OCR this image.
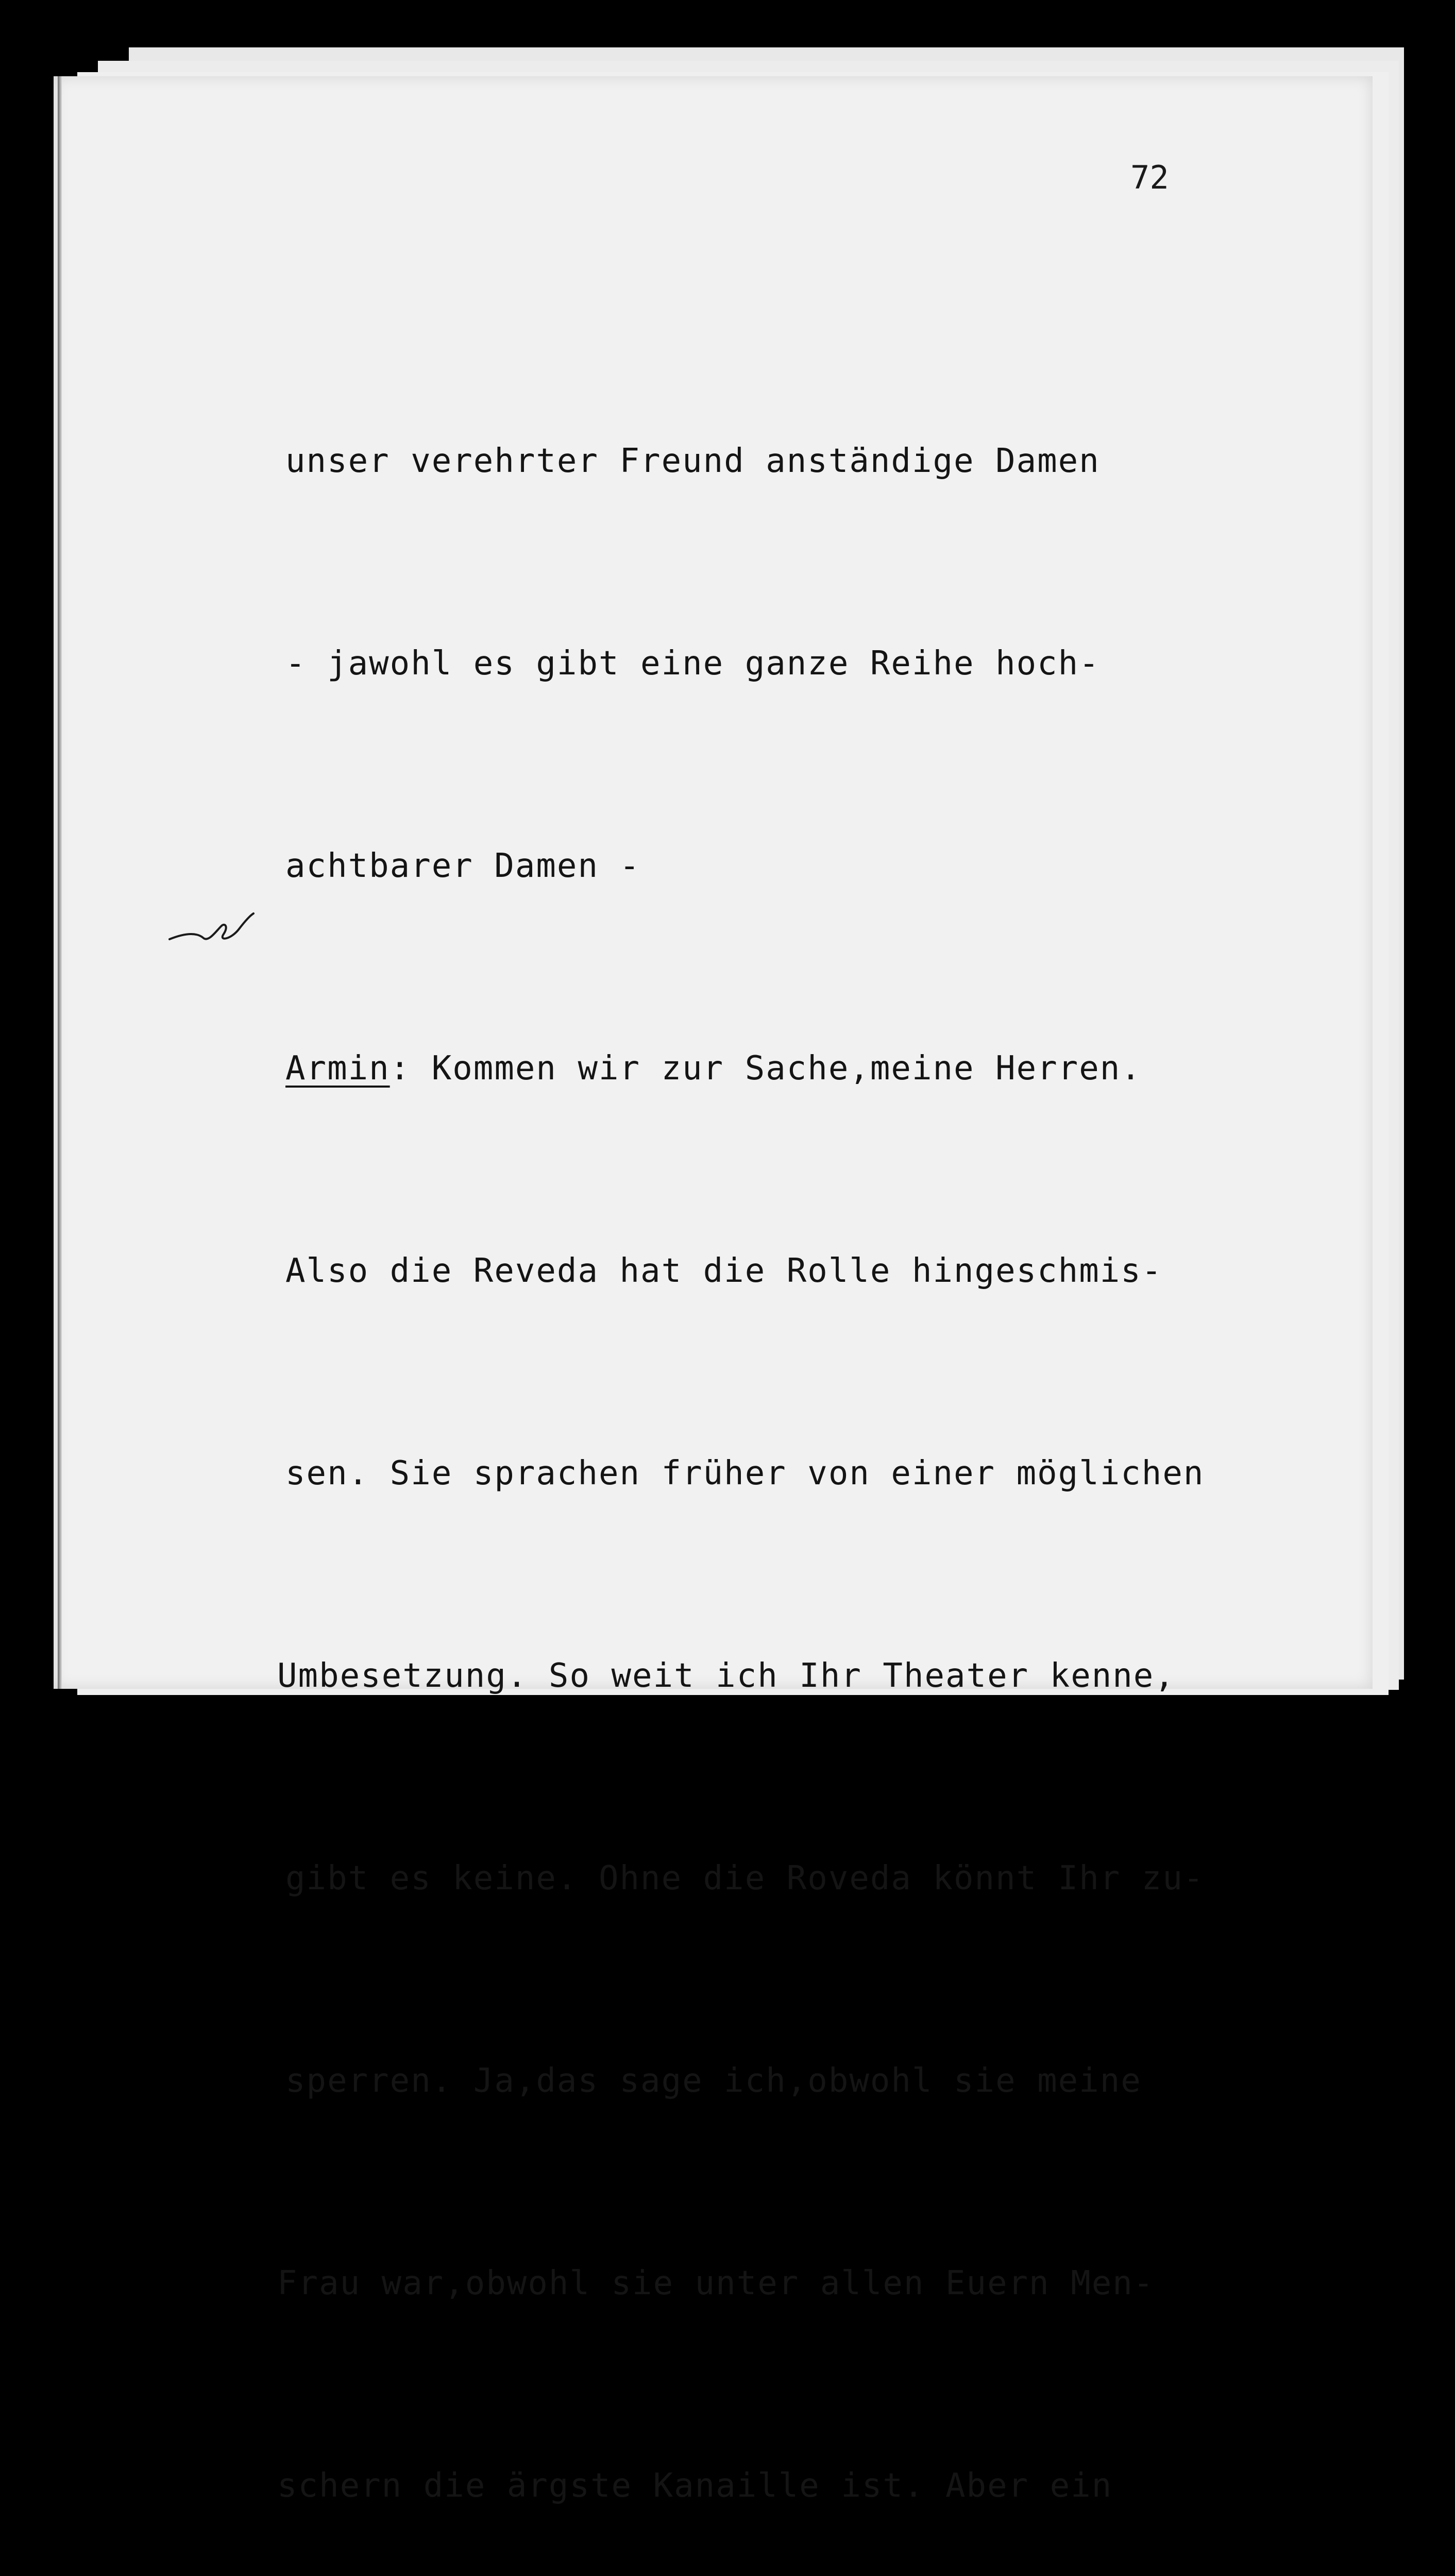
72

unser verehrter Freund anständige Damen

- jawohl es gibt eine ganze Reihe hoch-

achtbarer Damen -

Armin: Kommen wir zur Sache,meine Herren.

Also die Reveda hat die Rolle hingeschmis-

sen. Sie sprachen früher von einer möglichen

Umbesetzung. So weit ich Ihr Theater kenne,

gibt es keine. Ohne die Roveda könnt Ihr zu-

sperren. Ja,das sage ich,obwohl sie meine

Frau war,obwohl sie unter allen Euern Men-

schern die ärgste Kanaille ist. Aber ein
